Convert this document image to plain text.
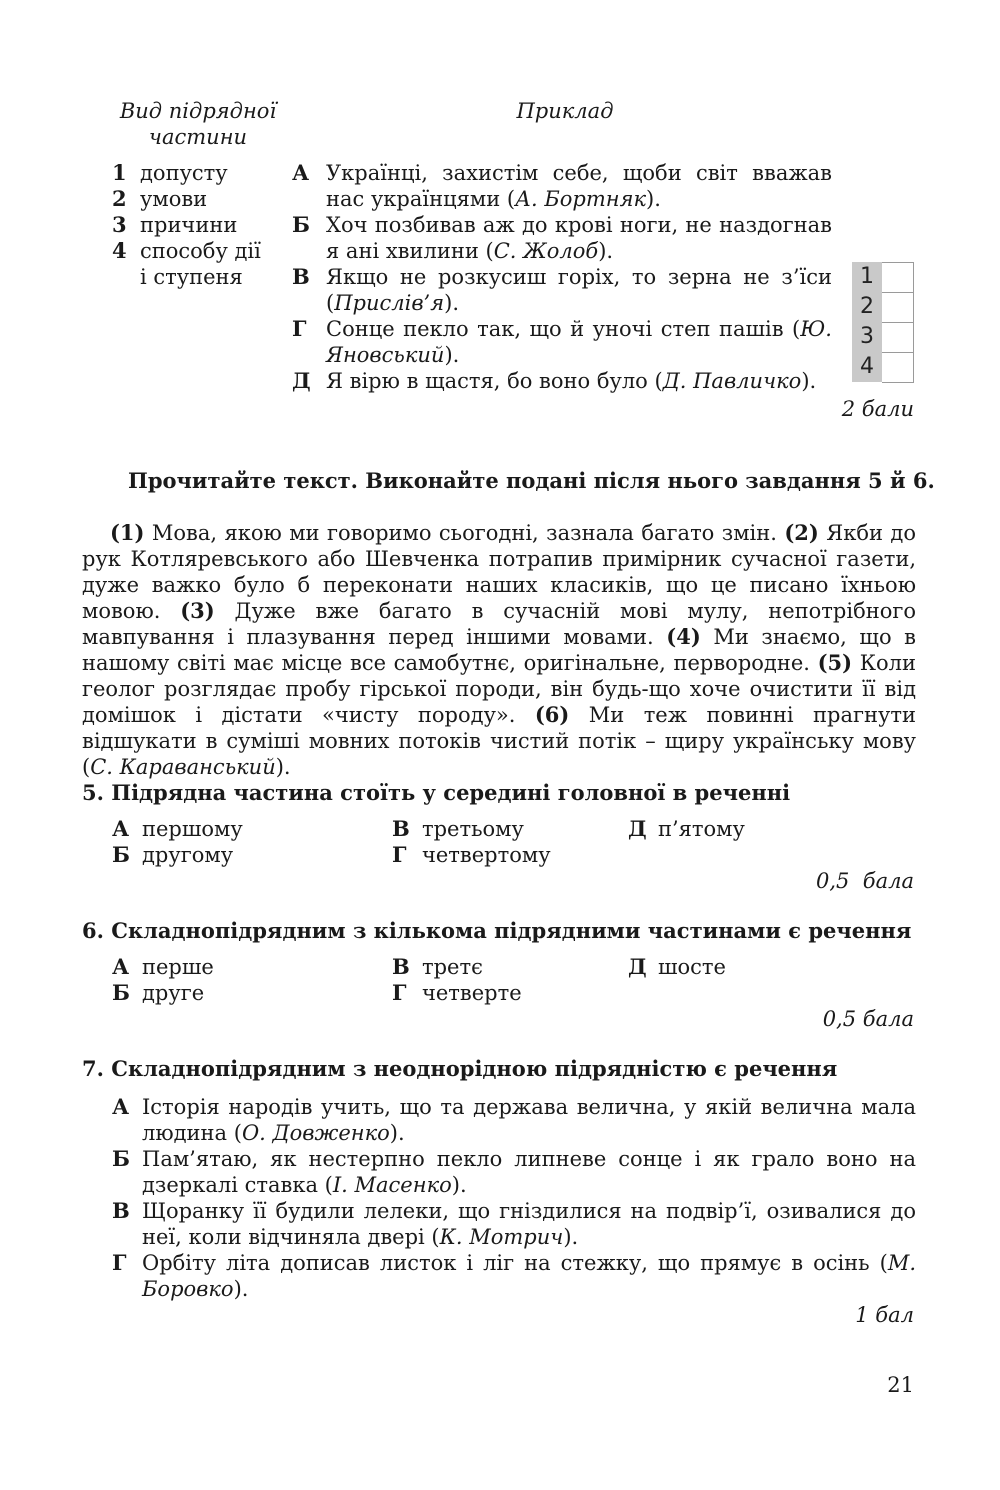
Вид підрядної
частини
Приклад
1 допусту
2 умови
3 причини
4 способу дії
і ступеня
А Українці, захистім себе, щоби світ вважав нас українцями (А. Бортняк).
Б Хоч позбивав аж до крові ноги, не наздогнав я ані хвилини (С. Жолоб).
В Якщо не розкусиш горіх, то зерна не з’їси (Прислів’я).
Г Сонце пекло так, що й уночі степ пашів (Ю. Яновський).
Д Я вірю в щастя, бо воно було (Д. Павличко).
1
2
3
4
2 бали
Прочитайте текст. Виконайте подані після нього завдання 5 й 6.
(1) Мова, якою ми говоримо сьогодні, зазнала багато змін. (2) Якби до рук Котляревського або Шевченка потрапив примірник сучасної газети, дуже важко було б переконати наших класиків, що це писано їхньою мовою. (3) Дуже вже багато в сучасній мові мулу, непотрібного мавпування і плазування перед іншими мовами. (4) Ми знаємо, що в нашому світі має місце все самобутнє, оригінальне, первородне. (5) Коли геолог розглядає пробу гірської породи, він будь-що хоче очистити її від домішок і дістати «чисту породу». (6) Ми теж повинні прагнути відшукати в суміші мовних потоків чистий потік – щиру українську мову (С. Караванський).
5. Підрядна частина стоїть у середині головної в реченні
А першому
Б другому
В третьому
Г четвертому
Д п’ятому
0,5  бала
6. Складнопідрядним з кількома підрядними частинами є речення
А перше
Б друге
В третє
Г четверте
Д шосте
0,5 бала
7. Складнопідрядним з неоднорідною підрядністю є речення
А Історія народів учить, що та держава велична, у якій велична мала людина (О. Довженко).
Б Пам’ятаю, як нестерпно пекло липневе сонце і як грало воно на дзеркалі ставка (І. Масенко).
В Щоранку її будили лелеки, що гніздилися на подвір’ї, озивалися до неї, коли відчиняла двері (К. Мотрич).
Г Орбіту літа дописав листок і ліг на стежку, що прямує в осінь (М. Боровко).
1 бал
21
